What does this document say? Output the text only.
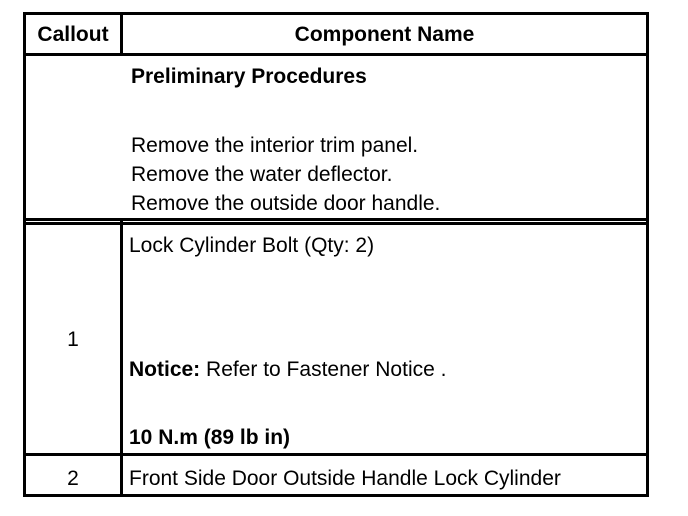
Callout	Component Name
Preliminary Procedures
Remove the interior trim panel.
Remove the water deflector.
Remove the outside door handle.
1
Lock Cylinder Bolt (Qty: 2)
Notice: Refer to Fastener Notice .
10 N.m (89 lb in)
2	Front Side Door Outside Handle Lock Cylinder
